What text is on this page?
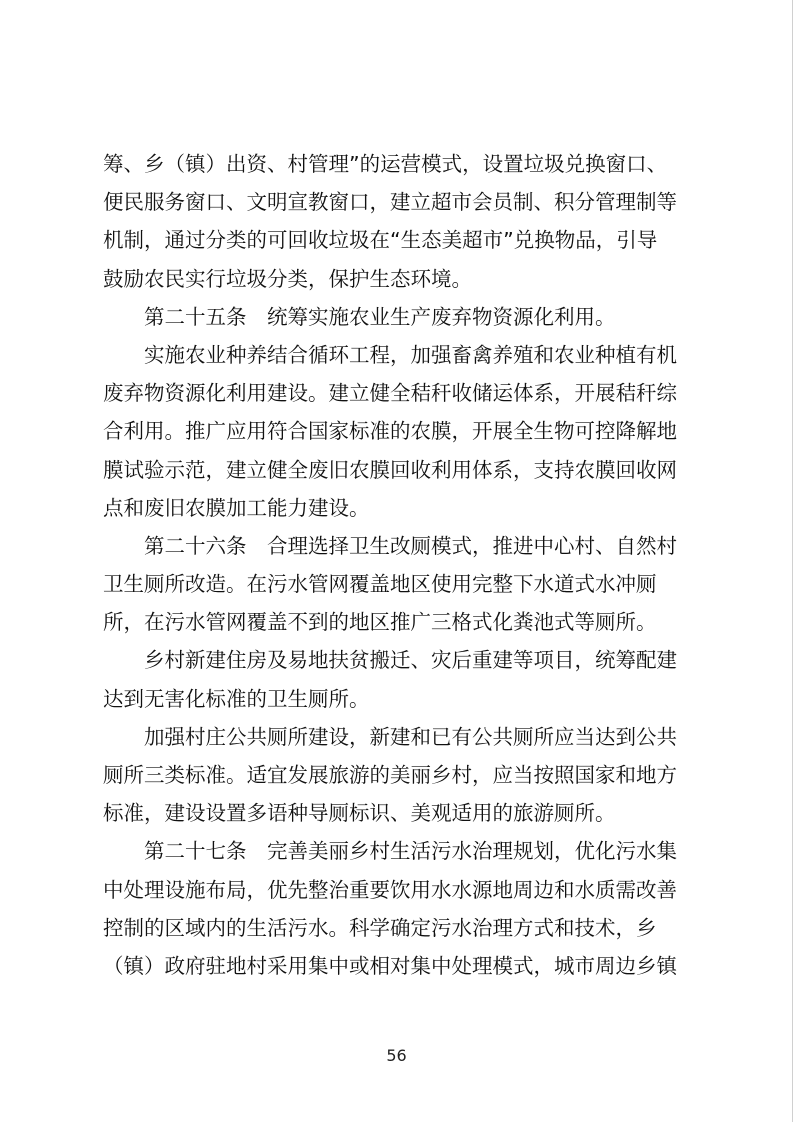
筹、乡（镇）出资、村管理”的运营模式，设置垃圾兑换窗口、
便民服务窗口、文明宣教窗口，建立超市会员制、积分管理制等
机制，通过分类的可回收垃圾在“生态美超市”兑换物品，引导
鼓励农民实行垃圾分类，保护生态环境。
第二十五条　统筹实施农业生产废弃物资源化利用。
实施农业种养结合循环工程，加强畜禽养殖和农业种植有机
废弃物资源化利用建设。建立健全秸秆收储运体系，开展秸秆综
合利用。推广应用符合国家标准的农膜，开展全生物可控降解地
膜试验示范，建立健全废旧农膜回收利用体系，支持农膜回收网
点和废旧农膜加工能力建设。
第二十六条　合理选择卫生改厕模式，推进中心村、自然村
卫生厕所改造。在污水管网覆盖地区使用完整下水道式水冲厕
所，在污水管网覆盖不到的地区推广三格式化粪池式等厕所。
乡村新建住房及易地扶贫搬迁、灾后重建等项目，统筹配建
达到无害化标准的卫生厕所。
加强村庄公共厕所建设，新建和已有公共厕所应当达到公共
厕所三类标准。适宜发展旅游的美丽乡村，应当按照国家和地方
标准，建设设置多语种导厕标识、美观适用的旅游厕所。
第二十七条　完善美丽乡村生活污水治理规划，优化污水集
中处理设施布局，优先整治重要饮用水水源地周边和水质需改善
控制的区域内的生活污水。科学确定污水治理方式和技术，乡
（镇）政府驻地村采用集中或相对集中处理模式，城市周边乡镇
56
